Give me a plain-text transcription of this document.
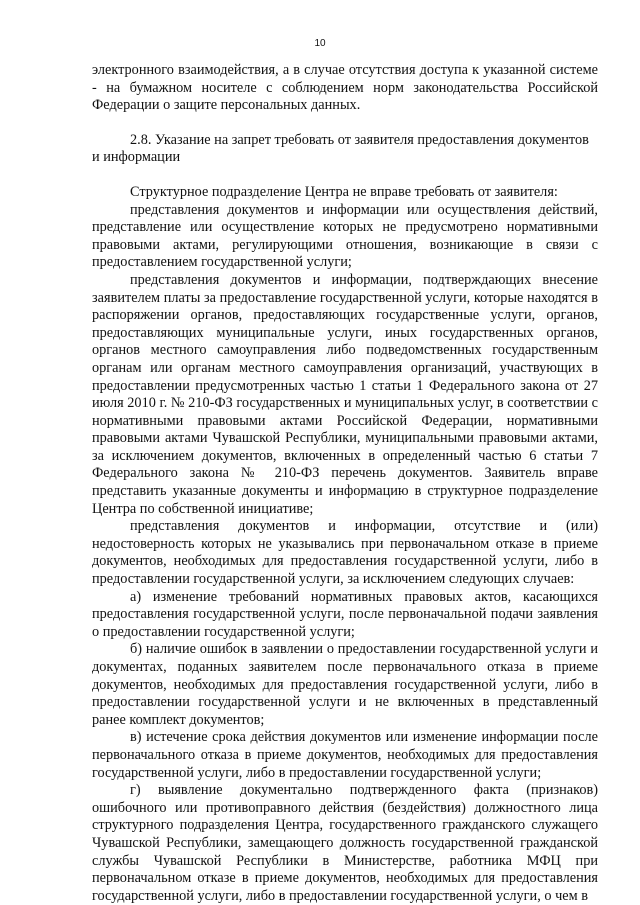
10

электронного взаимодействия, а в случае отсутствия доступа к указанной системе - на бумажном носителе с соблюдением норм законодательства Российской Федерации о защите персональных данных.

2.8. Указание на запрет требовать от заявителя предоставления документов и информации

Структурное подразделение Центра не вправе требовать от заявителя:

представления документов и информации или осуществления действий, представление или осуществление которых не предусмотрено нормативными правовыми актами, регулирующими отношения, возникающие в связи с предоставлением государственной услуги;

представления документов и информации, подтверждающих внесение заявителем платы за предоставление государственной услуги, которые находятся в распоряжении органов, предоставляющих государственные услуги, органов, предоставляющих муниципальные услуги, иных государственных органов, органов местного самоуправления либо подведомственных государственным органам или органам местного самоуправления организаций, участвующих в предоставлении предусмотренных частью 1 статьи 1 Федерального закона от 27 июля 2010 г. № 210-ФЗ государственных и муниципальных услуг, в соответствии с нормативными правовыми актами Российской Федерации, нормативными правовыми актами Чувашской Республики, муниципальными правовыми актами, за исключением документов, включенных в определенный частью 6 статьи 7 Федерального закона № 210-ФЗ перечень документов. Заявитель вправе представить указанные документы и информацию в структурное подразделение Центра по собственной инициативе;

представления документов и информации, отсутствие и (или) недостоверность которых не указывались при первоначальном отказе в приеме документов, необходимых для предоставления государственной услуги, либо в предоставлении государственной услуги, за исключением следующих случаев:

а) изменение требований нормативных правовых актов, касающихся предоставления государственной услуги, после первоначальной подачи заявления о предоставлении государственной услуги;

б) наличие ошибок в заявлении о предоставлении государственной услуги и документах, поданных заявителем после первоначального отказа в приеме документов, необходимых для предоставления государственной услуги, либо в предоставлении государственной услуги и не включенных в представленный ранее комплект документов;

в) истечение срока действия документов или изменение информации после первоначального отказа в приеме документов, необходимых для предоставления государственной услуги, либо в предоставлении государственной услуги;

г) выявление документально подтвержденного факта (признаков) ошибочного или противоправного действия (бездействия) должностного лица структурного подразделения Центра, государственного гражданского служащего Чувашской Республики, замещающего должность государственной гражданской службы Чувашской Республики в Министерстве, работника МФЦ при первоначальном отказе в приеме документов, необходимых для предоставления государственной услуги, либо в предоставлении государственной услуги, о чем в
